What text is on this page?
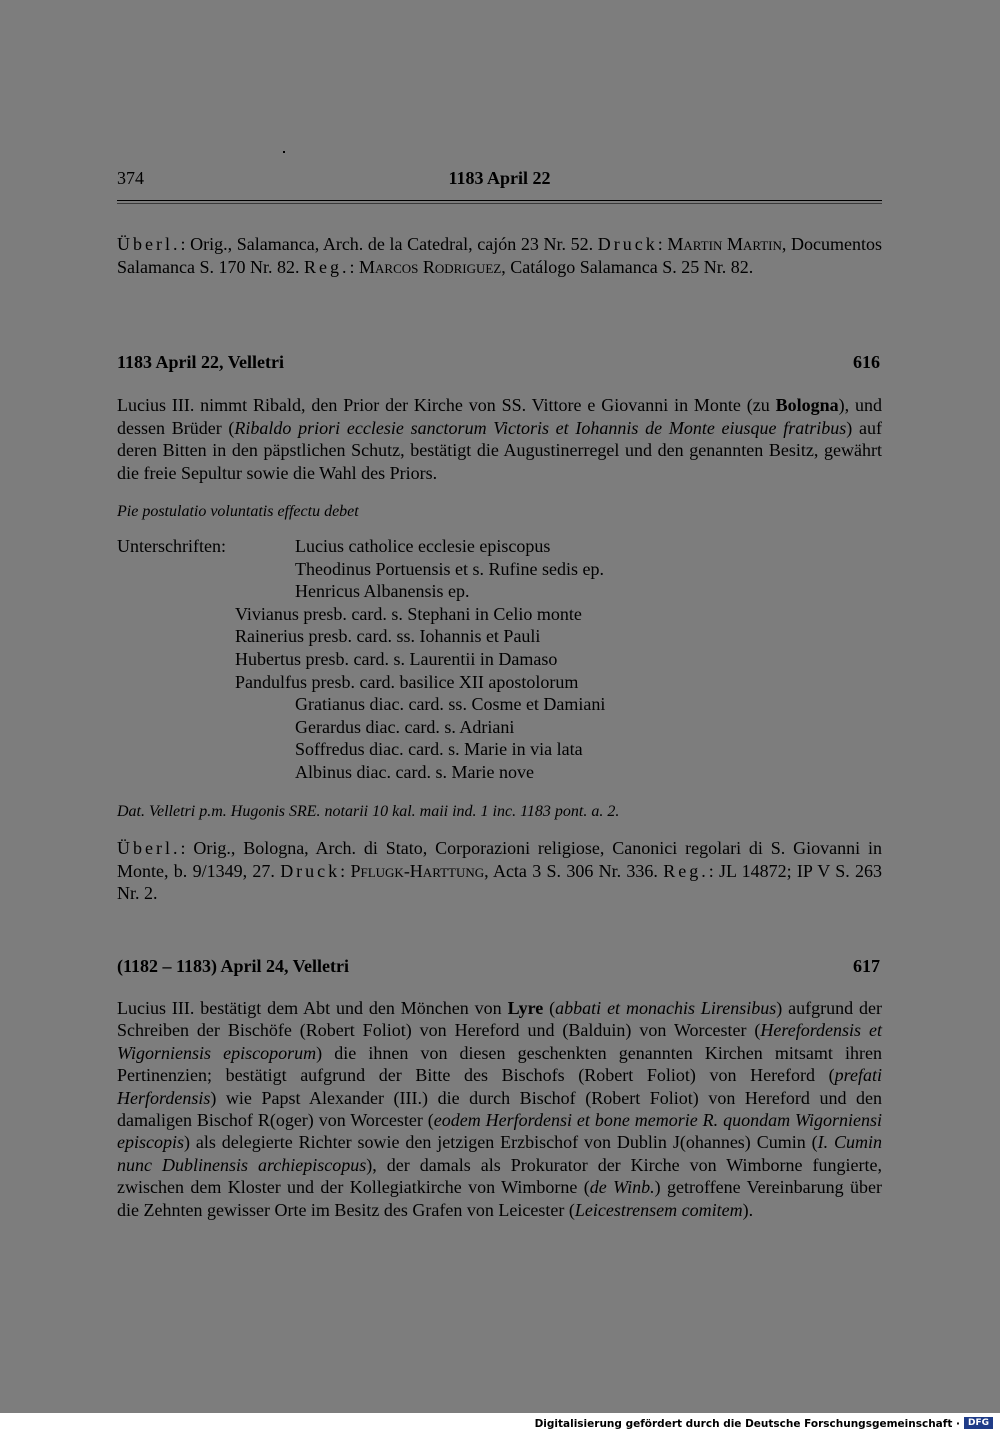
374	1183 April 22
Überl.: Orig., Salamanca, Arch. de la Catedral, cajón 23 Nr. 52. Druck: Martin Martin, Documentos Salamanca S. 170 Nr. 82. Reg.: Marcos Rodriguez, Catálogo Salamanca S. 25 Nr. 82.
1183 April 22, Velletri	616
Lucius III. nimmt Ribald, den Prior der Kirche von SS. Vittore e Giovanni in Monte (zu Bologna), und dessen Brüder (Ribaldo priori ecclesie sanctorum Victoris et Iohannis de Monte eiusque fratribus) auf deren Bitten in den päpstlichen Schutz, bestätigt die Augustinerregel und den genannten Besitz, gewährt die freie Sepultur sowie die Wahl des Priors.
Pie postulatio voluntatis effectu debet
Unterschriften:	Lucius catholice ecclesie episcopus
Theodinus Portuensis et s. Rufine sedis ep.
Henricus Albanensis ep.
Vivianus presb. card. s. Stephani in Celio monte
Rainerius presb. card. ss. Iohannis et Pauli
Hubertus presb. card. s. Laurentii in Damaso
Pandulfus presb. card. basilice XII apostolorum
Gratianus diac. card. ss. Cosme et Damiani
Gerardus diac. card. s. Adriani
Soffredus diac. card. s. Marie in via lata
Albinus diac. card. s. Marie nove
Dat. Velletri p.m. Hugonis SRE. notarii 10 kal. maii ind. 1 inc. 1183 pont. a. 2.
Überl.: Orig., Bologna, Arch. di Stato, Corporazioni religiose, Canonici regolari di S. Giovanni in Monte, b. 9/1349, 27. Druck: Pflugk-Harttung, Acta 3 S. 306 Nr. 336. Reg.: JL 14872; IP V S. 263 Nr. 2.
(1182 – 1183) April 24, Velletri	617
Lucius III. bestätigt dem Abt und den Mönchen von Lyre (abbati et monachis Lirensibus) aufgrund der Schreiben der Bischöfe (Robert Foliot) von Hereford und (Balduin) von Worcester (Herefordensis et Wigorniensis episcoporum) die ihnen von diesen geschenkten genannten Kirchen mitsamt ihren Pertinenzien; bestätigt aufgrund der Bitte des Bischofs (Robert Foliot) von Hereford (prefati Herfordensis) wie Papst Alexander (III.) die durch Bischof (Robert Foliot) von Hereford und den damaligen Bischof R(oger) von Worcester (eodem Herfordensi et bone memorie R. quondam Wigorniensi episcopis) als delegierte Richter sowie den jetzigen Erzbischof von Dublin J(ohannes) Cumin (I. Cumin nunc Dublinensis archiepiscopus), der damals als Prokurator der Kirche von Wimborne fungierte, zwischen dem Kloster und der Kollegiatkirche von Wimborne (de Winb.) getroffene Vereinbarung über die Zehnten gewisser Orte im Besitz des Grafen von Leicester (Leicestrensem comitem).
Digitalisierung gefördert durch die Deutsche Forschungsgemeinschaft · DFG
